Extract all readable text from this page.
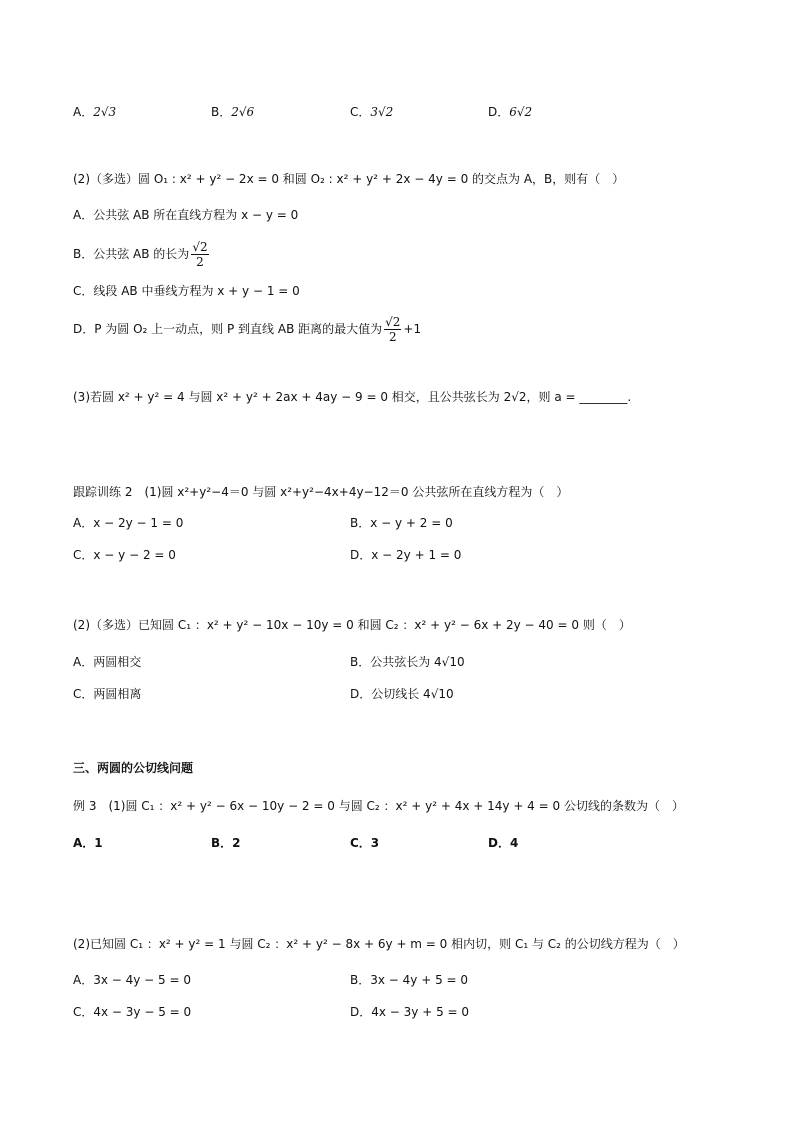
A．2√3	B．2√6	C．3√2	D．6√2
(2)（多选）圆 O₁ : x² + y² − 2x = 0 和圆 O₂ : x² + y² + 2x − 4y = 0 的交点为 A，B，则有（　）
A．公共弦 AB 所在直线方程为 x − y = 0
B．公共弦 AB 的长为 $\frac{√2}{2}$
C．线段 AB 中垂线方程为 x + y − 1 = 0
D．P 为圆 O₂ 上一动点，则 P 到直线 AB 距离的最大值为 $\frac{√2}{2} +1$
(3)若圆 x² + y² = 4 与圆 x² + y² + 2ax + 4ay − 9 = 0 相交，且公共弦长为 2√2，则 a = ________.
跟踪训练 2　(1)圆 x²+y²−4＝0 与圆 x²+y²−4x+4y−12＝0 公共弦所在直线方程为（　）
A．x − 2y − 1 = 0	B．x − y + 2 = 0
C．x − y − 2 = 0	D．x − 2y + 1 = 0
(2)（多选）已知圆 C₁ ：x² + y² − 10x − 10y = 0 和圆 C₂ ：x² + y² − 6x + 2y − 40 = 0 则（　）
A．两圆相交	B．公共弦长为 4√10
C．两圆相离	D．公切线长 4√10
三、两圆的公切线问题
例 3　(1)圆 C₁ ：x² + y² − 6x − 10y − 2 = 0 与圆 C₂ ：x² + y² + 4x + 14y + 4 = 0 公切线的条数为（　）
A．1	B．2	C．3	D．4
(2)已知圆 C₁ ：x² + y² = 1 与圆 C₂ ：x² + y² − 8x + 6y + m = 0 相内切，则 C₁ 与 C₂ 的公切线方程为（　）
A．3x − 4y − 5 = 0	B．3x − 4y + 5 = 0
C．4x − 3y − 5 = 0	D．4x − 3y + 5 = 0
